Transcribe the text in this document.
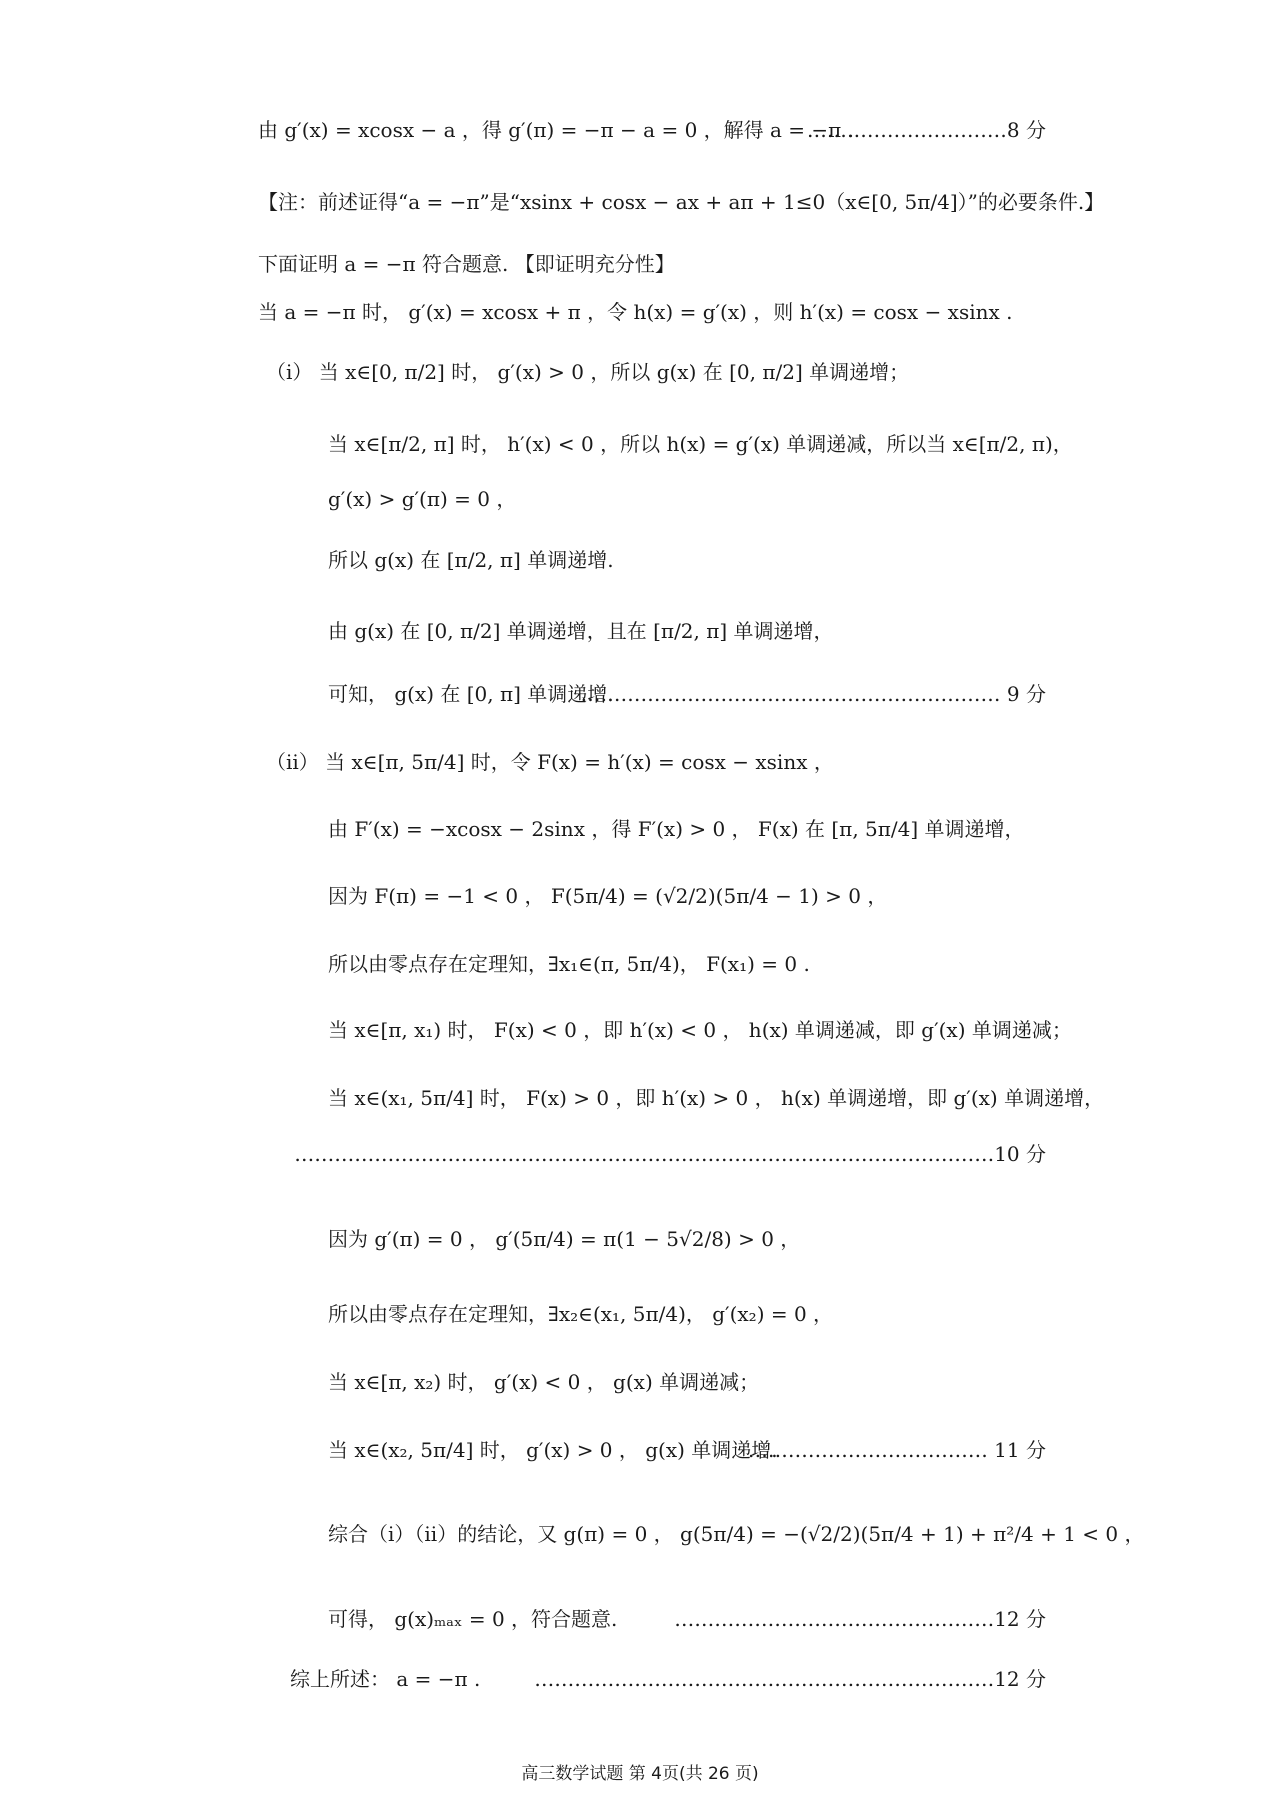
由 g′(x) = xcosx − a ，得 g′(π) = −π − a = 0 ，解得 a = −π .
…………………………8 分
【注：前述证得“a = −π”是“xsinx + cosx − ax + aπ + 1≤0（x∈[0, 5π/4]）”的必要条件.】
下面证明 a = −π 符合题意. 【即证明充分性】
当 a = −π 时， g′(x) = xcosx + π ，令 h(x) = g′(x) ，则 h′(x) = cosx − xsinx .
（i） 当 x∈[0, π/2] 时， g′(x) > 0 ，所以 g(x) 在 [0, π/2] 单调递增；
当 x∈[π/2, π] 时， h′(x) < 0 ，所以 h(x) = g′(x) 单调递减，所以当 x∈[π/2, π)，
g′(x) > g′(π) = 0 ，
所以 g(x) 在 [π/2, π] 单调递增.
由 g(x) 在 [0, π/2] 单调递增，且在 [π/2, π] 单调递增，
可知， g(x) 在 [0, π] 单调递增.
……………………………………………………… 9 分
（ii） 当 x∈[π, 5π/4] 时，令 F(x) = h′(x) = cosx − xsinx ，
由 F′(x) = −xcosx − 2sinx ，得 F′(x) > 0 ， F(x) 在 [π, 5π/4] 单调递增，
因为 F(π) = −1 < 0 ， F(5π/4) = (√2/2)(5π/4 − 1) > 0 ，
所以由零点存在定理知，∃x₁∈(π, 5π/4)， F(x₁) = 0 .
当 x∈[π, x₁) 时， F(x) < 0 ，即 h′(x) < 0 ， h(x) 单调递减，即 g′(x) 单调递减；
当 x∈(x₁, 5π/4] 时， F(x) > 0 ，即 h′(x) > 0 ， h(x) 单调递增，即 g′(x) 单调递增，
……………………………………………………………………………………………10 分
因为 g′(π) = 0 ， g′(5π/4) = π(1 − 5√2/8) > 0 ，
所以由零点存在定理知，∃x₂∈(x₁, 5π/4)， g′(x₂) = 0 ，
当 x∈[π, x₂) 时， g′(x) < 0 ， g(x) 单调递减；
当 x∈(x₂, 5π/4] 时， g′(x) > 0 ， g(x) 单调递增.
……………………………… 11 分
综合（i）（ii）的结论，又 g(π) = 0 ， g(5π/4) = −(√2/2)(5π/4 + 1) + π²/4 + 1 < 0 ，
可得， g(x)ₘₐₓ = 0 ，符合题意.	…………………………………………12 分
综上所述： a = −π .	……………………………………………………………12 分
高三数学试题 第 4页(共 26 页)
